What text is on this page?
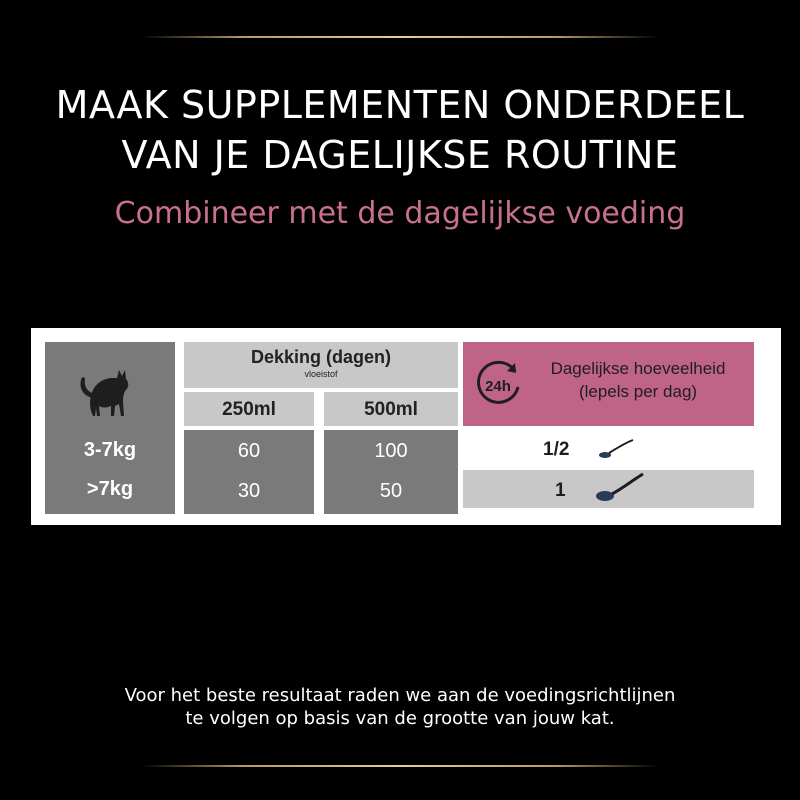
MAAK SUPPLEMENTEN ONDERDEEL
VAN JE DAGELIJKSE ROUTINE
Combineer met de dagelijkse voeding
3-7kg
>7kg
Dekking (dagen)
vloeistof
250ml	500ml
60
30
100
50
24h
Dagelijkse hoeveelheid
(lepels per dag)
1/2
1
Voor het beste resultaat raden we aan de voedingsrichtlijnen
te volgen op basis van de grootte van jouw kat.
